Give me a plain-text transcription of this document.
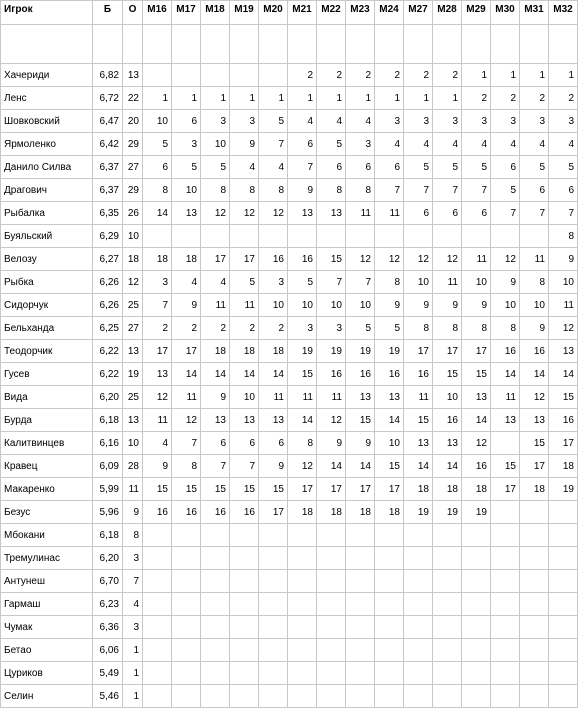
Игрок	Б	О	М16	М17	М18	М19	М20	М21	М22	М23	М24	М27	М28	М29	М30	М31	М32

Хачериди	6,82	13						2	2	2	2	2	2	1	1	1	1
Ленс	6,72	22	1	1	1	1	1	1	1	1	1	1	1	2	2	2	2
Шовковский	6,47	20	10	6	3	3	5	4	4	4	3	3	3	3	3	3	3
Ярмоленко	6,42	29	5	3	10	9	7	6	5	3	4	4	4	4	4	4	4
Данило Силва	6,37	27	6	5	5	4	4	7	6	6	6	5	5	5	6	5	5
Драгович	6,37	29	8	10	8	8	8	9	8	8	7	7	7	7	5	6	6
Рыбалка	6,35	26	14	13	12	12	12	13	13	11	11	6	6	6	7	7	7
Буяльский	6,29	10															8
Велозу	6,27	18	18	18	17	17	16	16	15	12	12	12	12	11	12	11	9
Рыбка	6,26	12	3	4	4	5	3	5	7	7	8	10	11	10	9	8	10
Сидорчук	6,26	25	7	9	11	11	10	10	10	10	9	9	9	9	10	10	11
Бельханда	6,25	27	2	2	2	2	2	3	3	5	5	8	8	8	8	9	12
Теодорчик	6,22	13	17	17	18	18	18	19	19	19	19	17	17	17	16	16	13
Гусев	6,22	19	13	14	14	14	14	15	16	16	16	16	15	15	14	14	14
Вида	6,20	25	12	11	9	10	11	11	11	13	13	11	10	13	11	12	15
Бурда	6,18	13	11	12	13	13	13	14	12	15	14	15	16	14	13	13	16
Калитвинцев	6,16	10	4	7	6	6	6	8	9	9	10	13	13	12		15	17
Кравец	6,09	28	9	8	7	7	9	12	14	14	15	14	14	16	15	17	18
Макаренко	5,99	11	15	15	15	15	15	17	17	17	17	18	18	18	17	18	19
Безус	5,96	9	16	16	16	16	17	18	18	18	18	19	19	19			
Мбокани	6,18	8															
Тремулинас	6,20	3															
Антунеш	6,70	7															
Гармаш	6,23	4															
Чумак	6,36	3															
Бетао	6,06	1															
Цуриков	5,49	1															
Селин	5,46	1															
